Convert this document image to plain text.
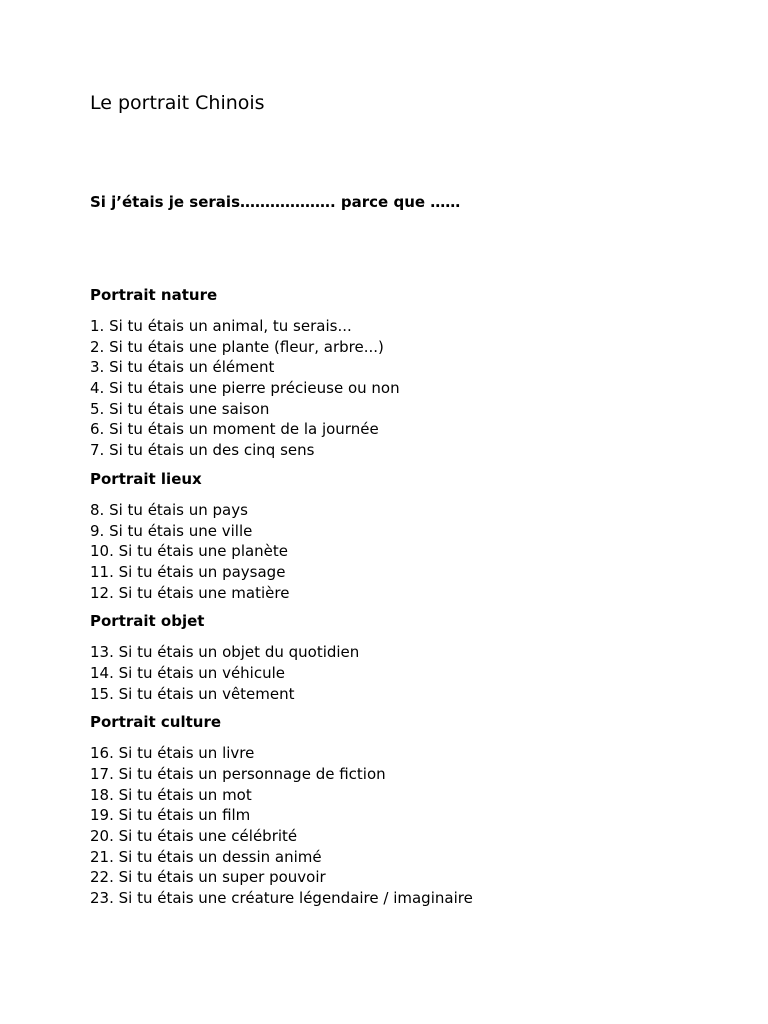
Le portrait Chinois

Si j’étais je serais………………. parce que ……

Portrait nature
1. Si tu étais un animal, tu serais...
2. Si tu étais une plante (fleur, arbre...)
3. Si tu étais un élément
4. Si tu étais une pierre précieuse ou non
5. Si tu étais une saison
6. Si tu étais un moment de la journée
7. Si tu étais un des cinq sens
Portrait lieux
8. Si tu étais un pays
9. Si tu étais une ville
10. Si tu étais une planète
11. Si tu étais un paysage
12. Si tu étais une matière
Portrait objet
13. Si tu étais un objet du quotidien
14. Si tu étais un véhicule
15. Si tu étais un vêtement
Portrait culture
16. Si tu étais un livre
17. Si tu étais un personnage de fiction
18. Si tu étais un mot
19. Si tu étais un film
20. Si tu étais une célébrité
21. Si tu étais un dessin animé
22. Si tu étais un super pouvoir
23. Si tu étais une créature légendaire / imaginaire
